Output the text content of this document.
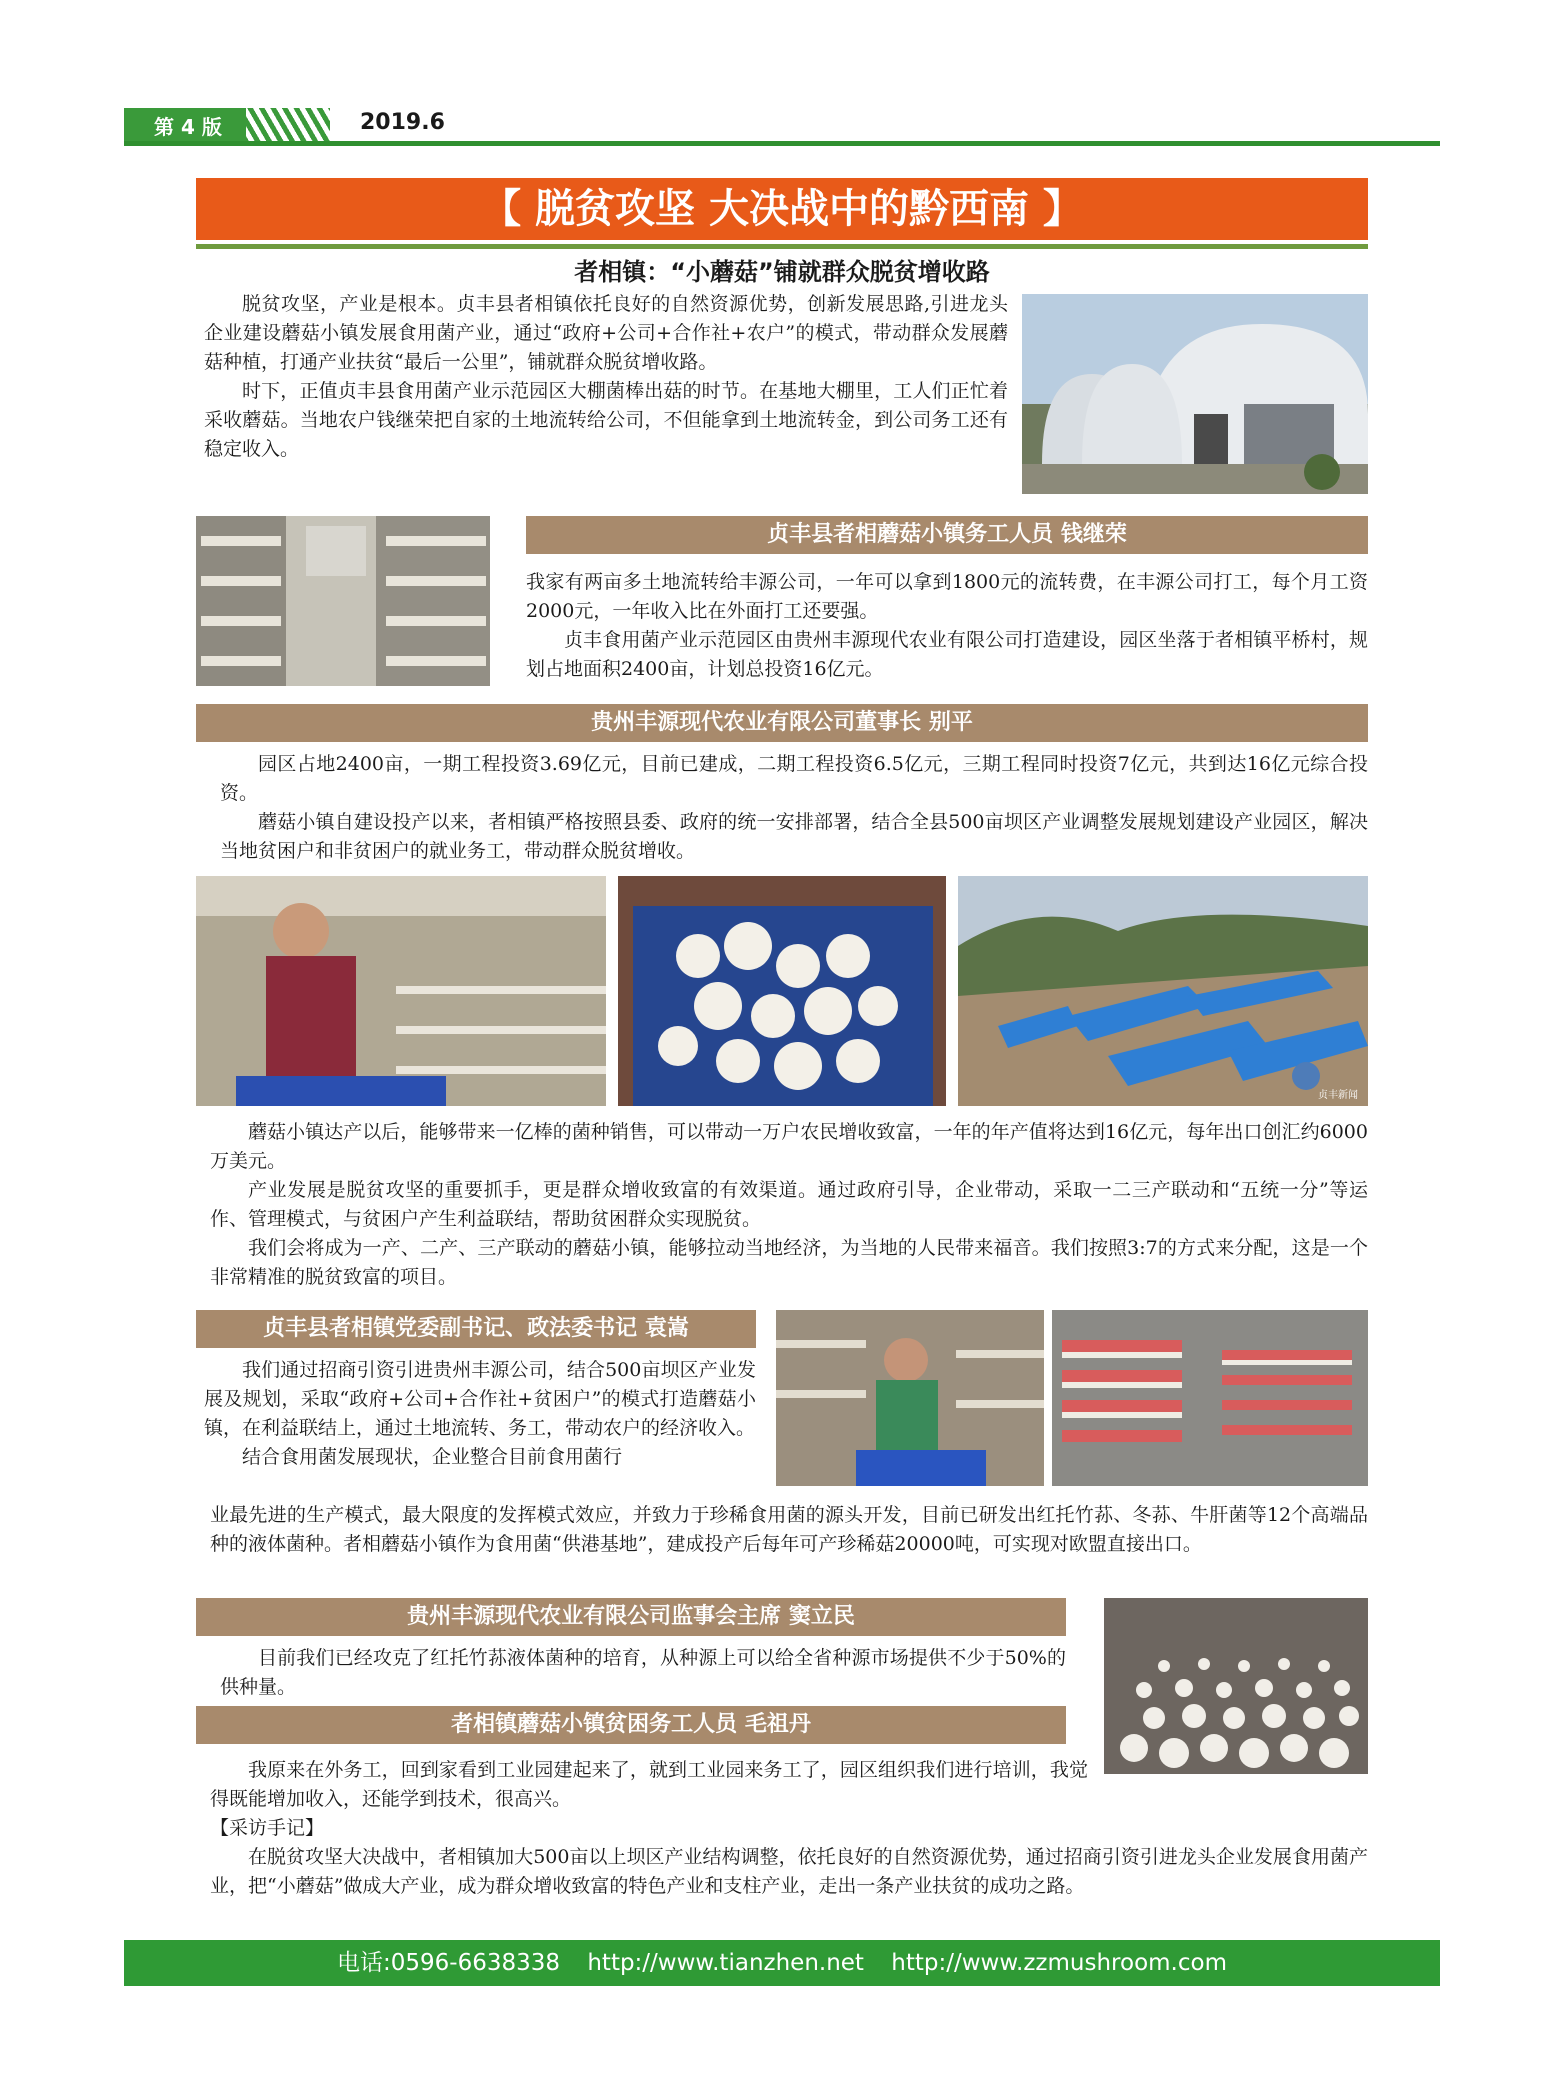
第 4 版	2019.6
【 脱贫攻坚 大决战中的黔西南 】
者相镇：“小蘑菇”铺就群众脱贫增收路

脱贫攻坚，产业是根本。贞丰县者相镇依托良好的自然资源优势，创新发展思路,引进龙头企业建设蘑菇小镇发展食用菌产业，通过“政府+公司+合作社+农户”的模式，带动群众发展蘑菇种植，打通产业扶贫“最后一公里”，铺就群众脱贫增收路。

时下，正值贞丰县食用菌产业示范园区大棚菌棒出菇的时节。在基地大棚里，工人们正忙着采收蘑菇。当地农户钱继荣把自家的土地流转给公司，不但能拿到土地流转金，到公司务工还有稳定收入。

贞丰县者相蘑菇小镇务工人员 钱继荣

我家有两亩多土地流转给丰源公司，一年可以拿到1800元的流转费，在丰源公司打工，每个月工资2000元，一年收入比在外面打工还要强。

贞丰食用菌产业示范园区由贵州丰源现代农业有限公司打造建设，园区坐落于者相镇平桥村，规划占地面积2400亩，计划总投资16亿元。

贵州丰源现代农业有限公司董事长 别平

园区占地2400亩，一期工程投资3.69亿元，目前已建成，二期工程投资6.5亿元，三期工程同时投资7亿元，共到达16亿元综合投资。

蘑菇小镇自建设投产以来，者相镇严格按照县委、政府的统一安排部署，结合全县500亩坝区产业调整发展规划建设产业园区，解决当地贫困户和非贫困户的就业务工，带动群众脱贫增收。

贞丰新闻

蘑菇小镇达产以后，能够带来一亿棒的菌种销售，可以带动一万户农民增收致富，一年的年产值将达到16亿元，每年出口创汇约6000万美元。

产业发展是脱贫攻坚的重要抓手，更是群众增收致富的有效渠道。通过政府引导，企业带动，采取一二三产联动和“五统一分”等运作、管理模式，与贫困户产生利益联结，帮助贫困群众实现脱贫。

我们会将成为一产、二产、三产联动的蘑菇小镇，能够拉动当地经济，为当地的人民带来福音。我们按照3:7的方式来分配，这是一个非常精准的脱贫致富的项目。

贞丰县者相镇党委副书记、政法委书记 袁嵩

我们通过招商引资引进贵州丰源公司，结合500亩坝区产业发展及规划，采取“政府+公司+合作社+贫困户”的模式打造蘑菇小镇，在利益联结上，通过土地流转、务工，带动农户的经济收入。

结合食用菌发展现状，企业整合目前食用菌行

业最先进的生产模式，最大限度的发挥模式效应，并致力于珍稀食用菌的源头开发，目前已研发出红托竹荪、冬荪、牛肝菌等12个高端品种的液体菌种。者相蘑菇小镇作为食用菌“供港基地”，建成投产后每年可产珍稀菇20000吨，可实现对欧盟直接出口。

贵州丰源现代农业有限公司监事会主席 窦立民

目前我们已经攻克了红托竹荪液体菌种的培育，从种源上可以给全省种源市场提供不少于50%的供种量。

者相镇蘑菇小镇贫困务工人员 毛祖丹

我原来在外务工，回到家看到工业园建起来了，就到工业园来务工了，园区组织我们进行培训，我觉得既能增加收入，还能学到技术，很高兴。

【采访手记】

在脱贫攻坚大决战中，者相镇加大500亩以上坝区产业结构调整，依托良好的自然资源优势，通过招商引资引进龙头企业发展食用菌产业，把“小蘑菇”做成大产业，成为群众增收致富的特色产业和支柱产业，走出一条产业扶贫的成功之路。

电话:0596-6638338 http://www.tianzhen.net http://www.zzmushroom.com
